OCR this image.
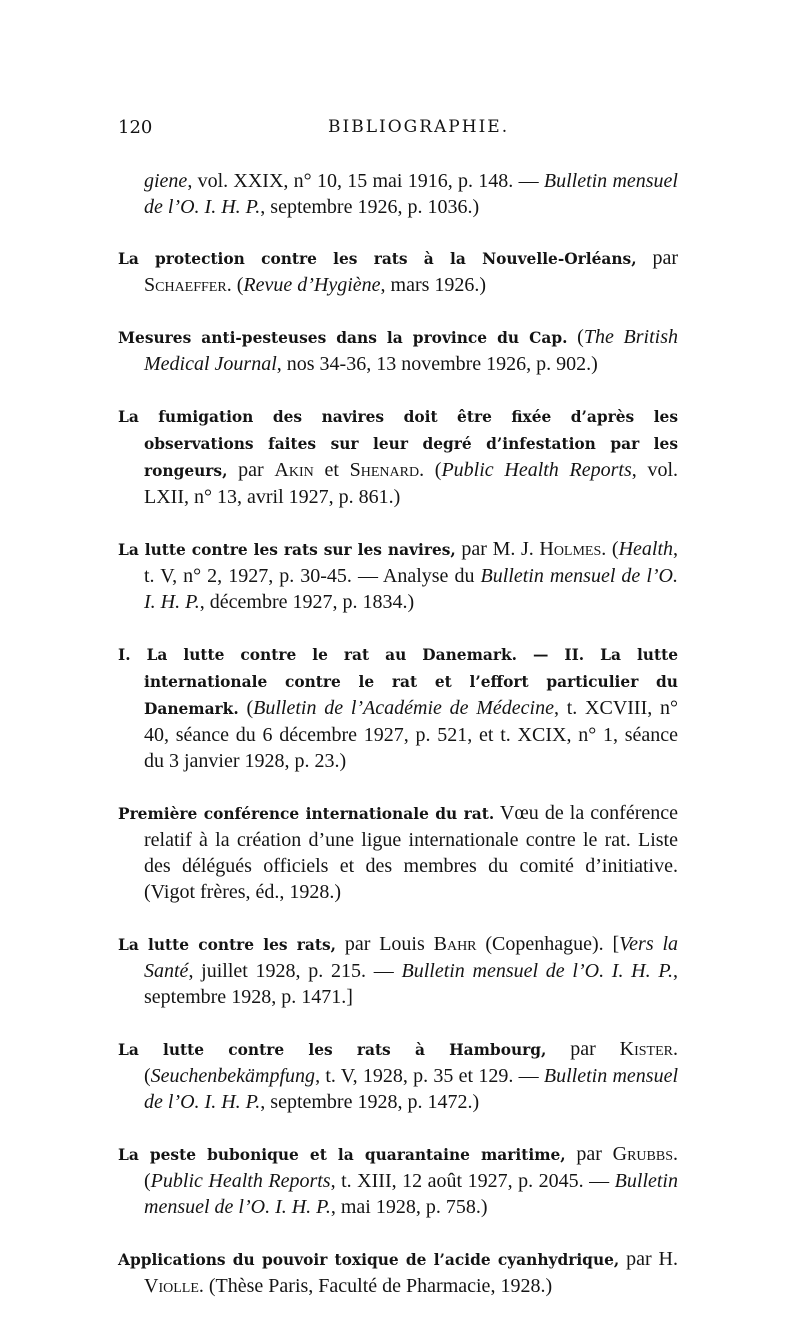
120	BIBLIOGRAPHIE.

giene, vol. XXIX, n° 10, 15 mai 1916, p. 148. — Bulletin mensuel de l’O. I. H. P., septembre 1926, p. 1036.)

La protection contre les rats à la Nouvelle-Orléans, par Schaeffer. (Revue d’Hygiène, mars 1926.)

Mesures anti-pesteuses dans la province du Cap. (The British Medical Journal, nos 34-36, 13 novembre 1926, p. 902.)

La fumigation des navires doit être fixée d’après les observations faites sur leur degré d’infestation par les rongeurs, par Akin et Shenard. (Public Health Reports, vol. LXII, n° 13, avril 1927, p. 861.)

La lutte contre les rats sur les navires, par M. J. Holmes. (Health, t. V, n° 2, 1927, p. 30-45. — Analyse du Bulletin mensuel de l’O. I. H. P., décembre 1927, p. 1834.)

I. La lutte contre le rat au Danemark. — II. La lutte internationale contre le rat et l’effort particulier du Danemark. (Bulletin de l’Académie de Médecine, t. XCVIII, n° 40, séance du 6 décembre 1927, p. 521, et t. XCIX, n° 1, séance du 3 janvier 1928, p. 23.)

Première conférence internationale du rat. Vœu de la conférence relatif à la création d’une ligue internationale contre le rat. Liste des délégués officiels et des membres du comité d’initiative. (Vigot frères, éd., 1928.)

La lutte contre les rats, par Louis Bahr (Copenhague). [Vers la Santé, juillet 1928, p. 215. — Bulletin mensuel de l’O. I. H. P., septembre 1928, p. 1471.]

La lutte contre les rats à Hambourg, par Kister. (Seuchenbekämpfung, t. V, 1928, p. 35 et 129. — Bulletin mensuel de l’O. I. H. P., septembre 1928, p. 1472.)

La peste bubonique et la quarantaine maritime, par Grubbs. (Public Health Reports, t. XIII, 12 août 1927, p. 2045. — Bulletin mensuel de l’O. I. H. P., mai 1928, p. 758.)

Applications du pouvoir toxique de l’acide cyanhydrique, par H. Violle. (Thèse Paris, Faculté de Pharmacie, 1928.)
